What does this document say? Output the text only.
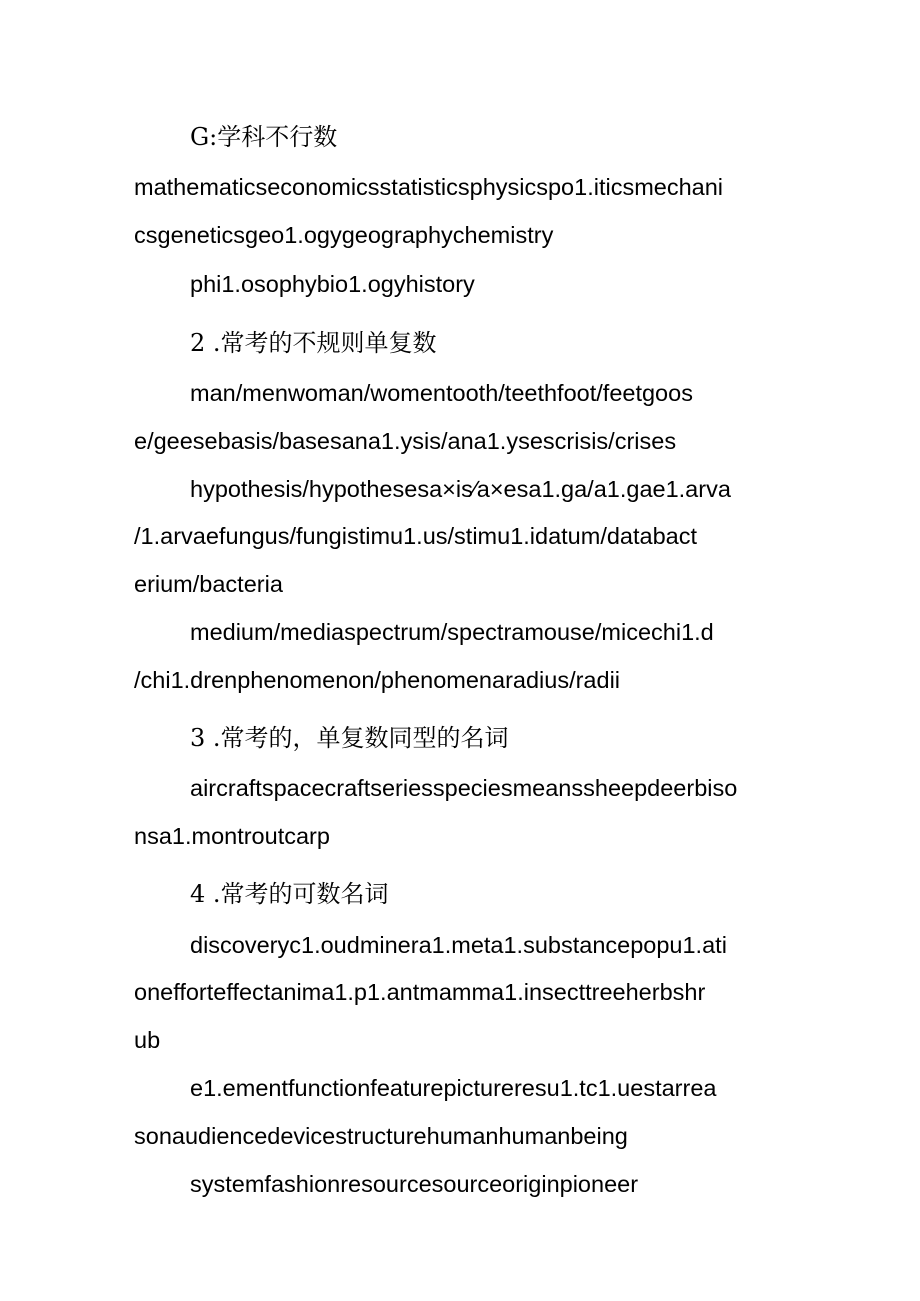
G:学科不行数
mathematicseconomicsstatisticsphysicspo1.iticsmechani
csgeneticsgeo1.ogygeographychemistry
phi1.osophybio1.ogyhistory
2 .常考的不规则单复数
man/menwoman/womentooth/teethfoot/feetgoos
e/geesebasis/basesana1.ysis/ana1.ysescrisis/crises
hypothesis/hypothesesa×is∕a×esa1.ga/a1.gae1.arva
/1.arvaefungus/fungistimu1.us/stimu1.idatum/databact
erium/bacteria
medium/mediaspectrum/spectramouse/micechi1.d
/chi1.drenphenomenon/phenomenaradius/radii
3 .常考的，单复数同型的名词
aircraftspacecraftseriesspeciesmeanssheepdeerbiso
nsa1.montroutcarp
4 .常考的可数名词
discoveryc1.oudminera1.meta1.substancepopu1.ati
onefforteffectanima1.p1.antmamma1.insecttreeherbshr
ub
e1.ementfunctionfeaturepictureresu1.tc1.uestarrea
sonaudiencedevicestructurehumanhumanbeing
systemfashionresourcesourceoriginpioneer
